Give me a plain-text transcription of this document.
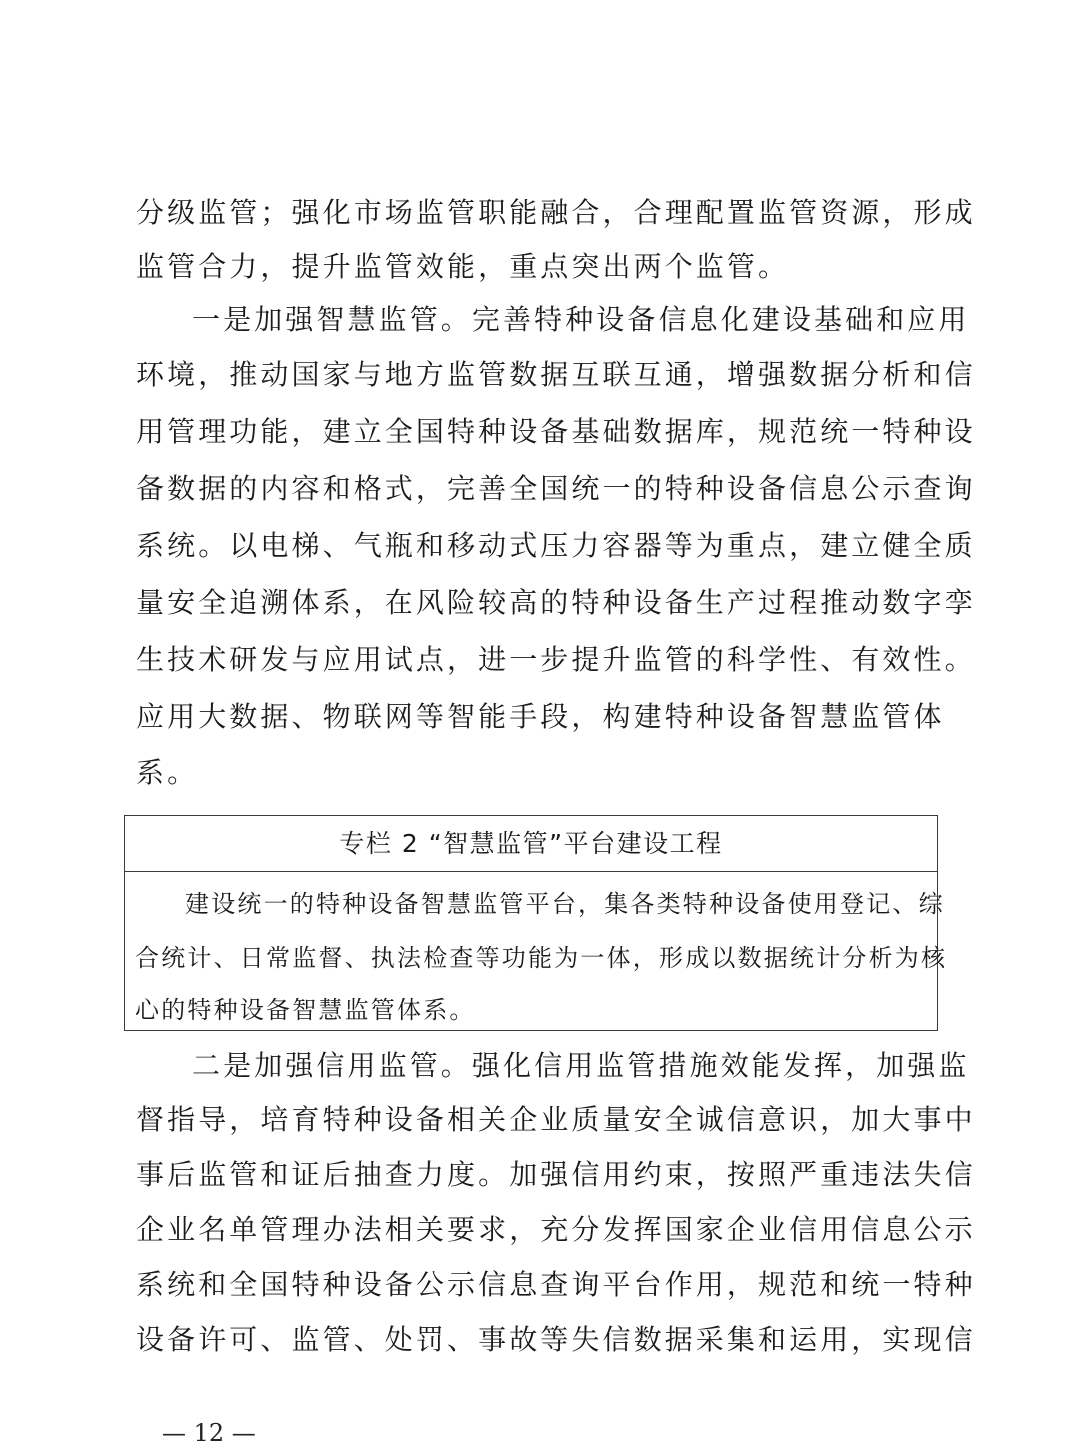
分级监管；强化市场监管职能融合，合理配置监管资源，形成
监管合力，提升监管效能，重点突出两个监管。
一是加强智慧监管。完善特种设备信息化建设基础和应用
环境，推动国家与地方监管数据互联互通，增强数据分析和信
用管理功能，建立全国特种设备基础数据库，规范统一特种设
备数据的内容和格式，完善全国统一的特种设备信息公示查询
系统。以电梯、气瓶和移动式压力容器等为重点，建立健全质
量安全追溯体系，在风险较高的特种设备生产过程推动数字孪
生技术研发与应用试点，进一步提升监管的科学性、有效性。
应用大数据、物联网等智能手段，构建特种设备智慧监管体
系。
专栏 2 “智慧监管”平台建设工程
建设统一的特种设备智慧监管平台，集各类特种设备使用登记、综
合统计、日常监督、执法检查等功能为一体，形成以数据统计分析为核
心的特种设备智慧监管体系。
二是加强信用监管。强化信用监管措施效能发挥，加强监
督指导，培育特种设备相关企业质量安全诚信意识，加大事中
事后监管和证后抽查力度。加强信用约束，按照严重违法失信
企业名单管理办法相关要求，充分发挥国家企业信用信息公示
系统和全国特种设备公示信息查询平台作用，规范和统一特种
设备许可、监管、处罚、事故等失信数据采集和运用，实现信
— 12 —
